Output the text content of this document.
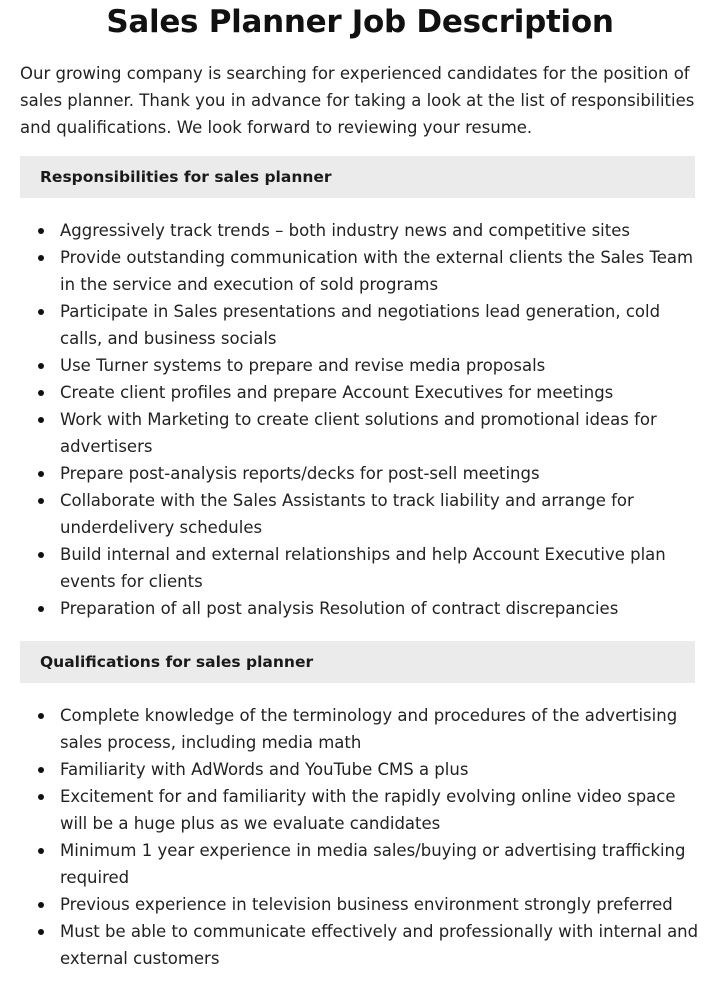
Sales Planner Job Description

Our growing company is searching for experienced candidates for the position of sales planner. Thank you in advance for taking a look at the list of responsibilities and qualifications. We look forward to reviewing your resume.

Responsibilities for sales planner
Aggressively track trends – both industry news and competitive sites
Provide outstanding communication with the external clients the Sales Team in the service and execution of sold programs
Participate in Sales presentations and negotiations lead generation, cold calls, and business socials
Use Turner systems to prepare and revise media proposals
Create client profiles and prepare Account Executives for meetings
Work with Marketing to create client solutions and promotional ideas for advertisers
Prepare post-analysis reports/decks for post-sell meetings
Collaborate with the Sales Assistants to track liability and arrange for underdelivery schedules
Build internal and external relationships and help Account Executive plan events for clients
Preparation of all post analysis Resolution of contract discrepancies
Qualifications for sales planner
Complete knowledge of the terminology and procedures of the advertising sales process, including media math
Familiarity with AdWords and YouTube CMS a plus
Excitement for and familiarity with the rapidly evolving online video space will be a huge plus as we evaluate candidates
Minimum 1 year experience in media sales/buying or advertising trafficking required
Previous experience in television business environment strongly preferred
Must be able to communicate effectively and professionally with internal and external customers
